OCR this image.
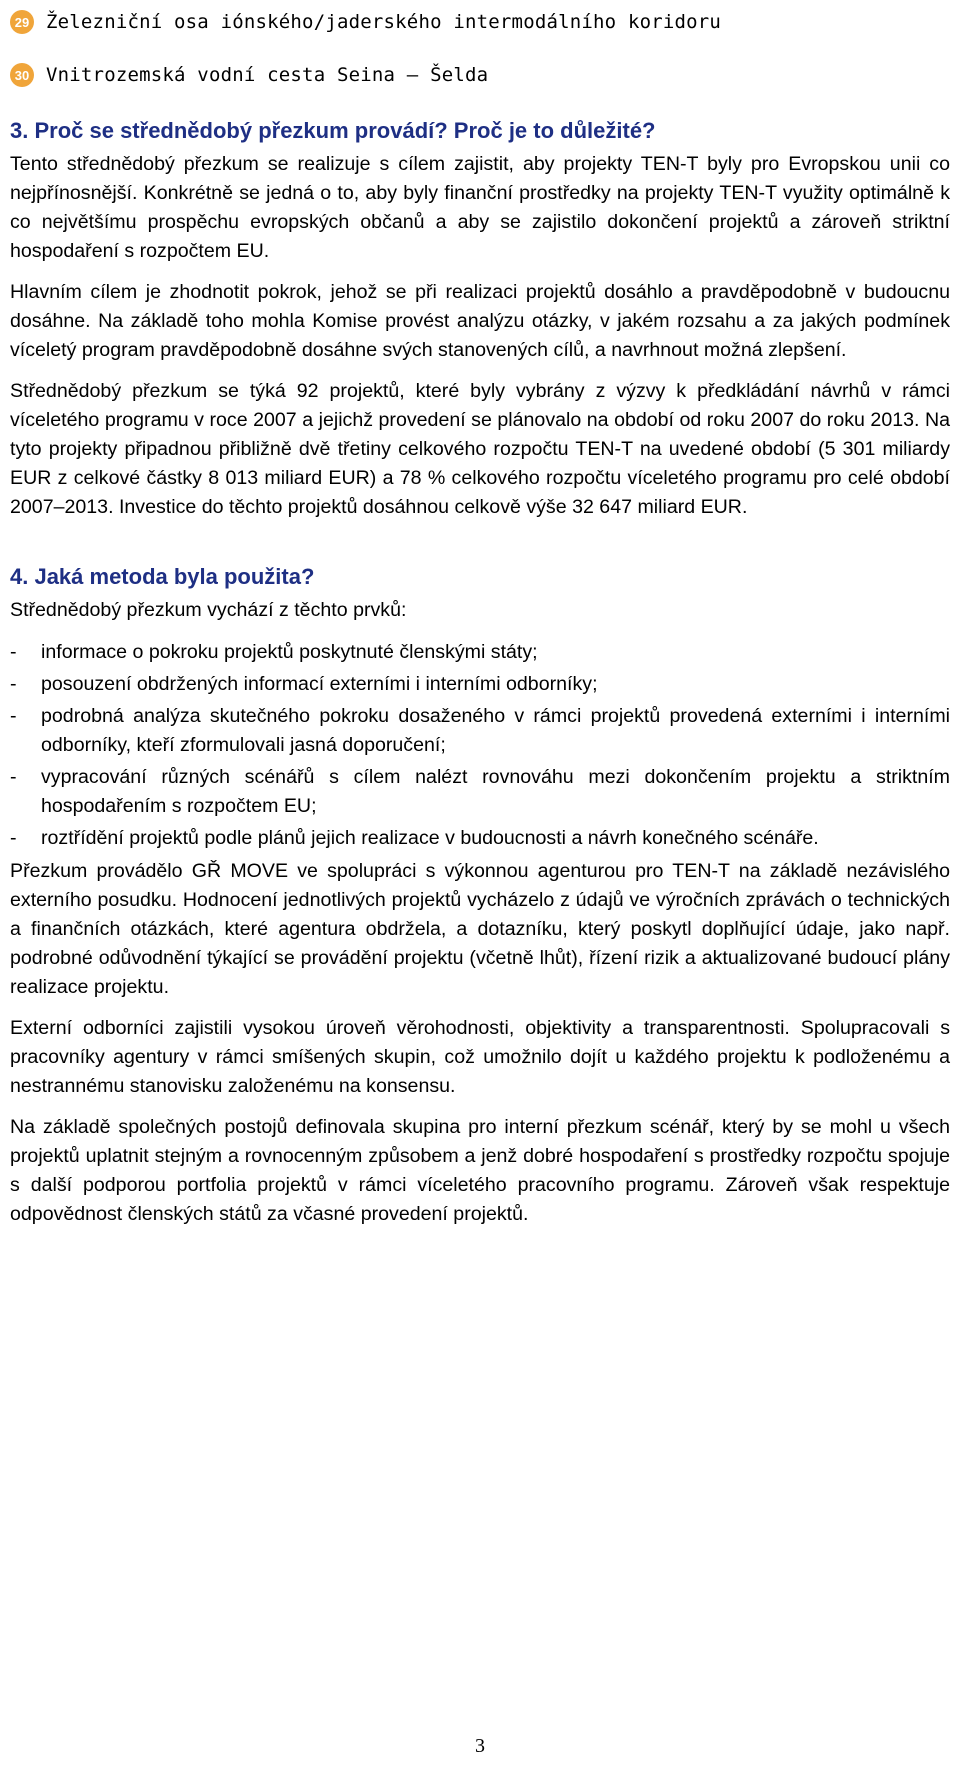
29 Železniční osa iónského/jaderského intermodálního koridoru
30 Vnitrozemská vodní cesta Seina — Šelda
3. Proč se střednědobý přezkum provádí? Proč je to důležité?

Tento střednědobý přezkum se realizuje s cílem zajistit, aby projekty TEN-T byly pro Evropskou unii co nejpřínosnější. Konkrétně se jedná o to, aby byly finanční prostředky na projekty TEN-T využity optimálně k co největšímu prospěchu evropských občanů a aby se zajistilo dokončení projektů a zároveň striktní hospodaření s rozpočtem EU.

Hlavním cílem je zhodnotit pokrok, jehož se při realizaci projektů dosáhlo a pravděpodobně v budoucnu dosáhne. Na základě toho mohla Komise provést analýzu otázky, v jakém rozsahu a za jakých podmínek víceletý program pravděpodobně dosáhne svých stanovených cílů, a navrhnout možná zlepšení.

Střednědobý přezkum se týká 92 projektů, které byly vybrány z výzvy k předkládání návrhů v rámci víceletého programu v roce 2007 a jejichž provedení se plánovalo na období od roku 2007 do roku 2013. Na tyto projekty připadnou přibližně dvě třetiny celkového rozpočtu TEN-T na uvedené období (5 301 miliardy EUR z celkové částky 8 013 miliard EUR) a 78 % celkového rozpočtu víceletého programu pro celé období 2007–2013. Investice do těchto projektů dosáhnou celkově výše 32 647 miliard EUR.

4. Jaká metoda byla použita?

Střednědobý přezkum vychází z těchto prvků:

- informace o pokroku projektů poskytnuté členskými státy;
- posouzení obdržených informací externími i interními odborníky;
- podrobná analýza skutečného pokroku dosaženého v rámci projektů provedená externími i interními odborníky, kteří zformulovali jasná doporučení;
- vypracování různých scénářů s cílem nalézt rovnováhu mezi dokončením projektu a striktním hospodařením s rozpočtem EU;
- roztřídění projektů podle plánů jejich realizace v budoucnosti a návrh konečného scénáře.

Přezkum provádělo GŘ MOVE ve spolupráci s výkonnou agenturou pro TEN-T na základě nezávislého externího posudku. Hodnocení jednotlivých projektů vycházelo z údajů ve výročních zprávách o technických a finančních otázkách, které agentura obdržela, a dotazníku, který poskytl doplňující údaje, jako např. podrobné odůvodnění týkající se provádění projektu (včetně lhůt), řízení rizik a aktualizované budoucí plány realizace projektu.

Externí odborníci zajistili vysokou úroveň věrohodnosti, objektivity a transparentnosti. Spolupracovali s pracovníky agentury v rámci smíšených skupin, což umožnilo dojít u každého projektu k podloženému a nestrannému stanovisku založenému na konsensu.

Na základě společných postojů definovala skupina pro interní přezkum scénář, který by se mohl u všech projektů uplatnit stejným a rovnocenným způsobem a jenž dobré hospodaření s prostředky rozpočtu spojuje s další podporou portfolia projektů v rámci víceletého pracovního programu. Zároveň však respektuje odpovědnost členských států za včasné provedení projektů.

3
